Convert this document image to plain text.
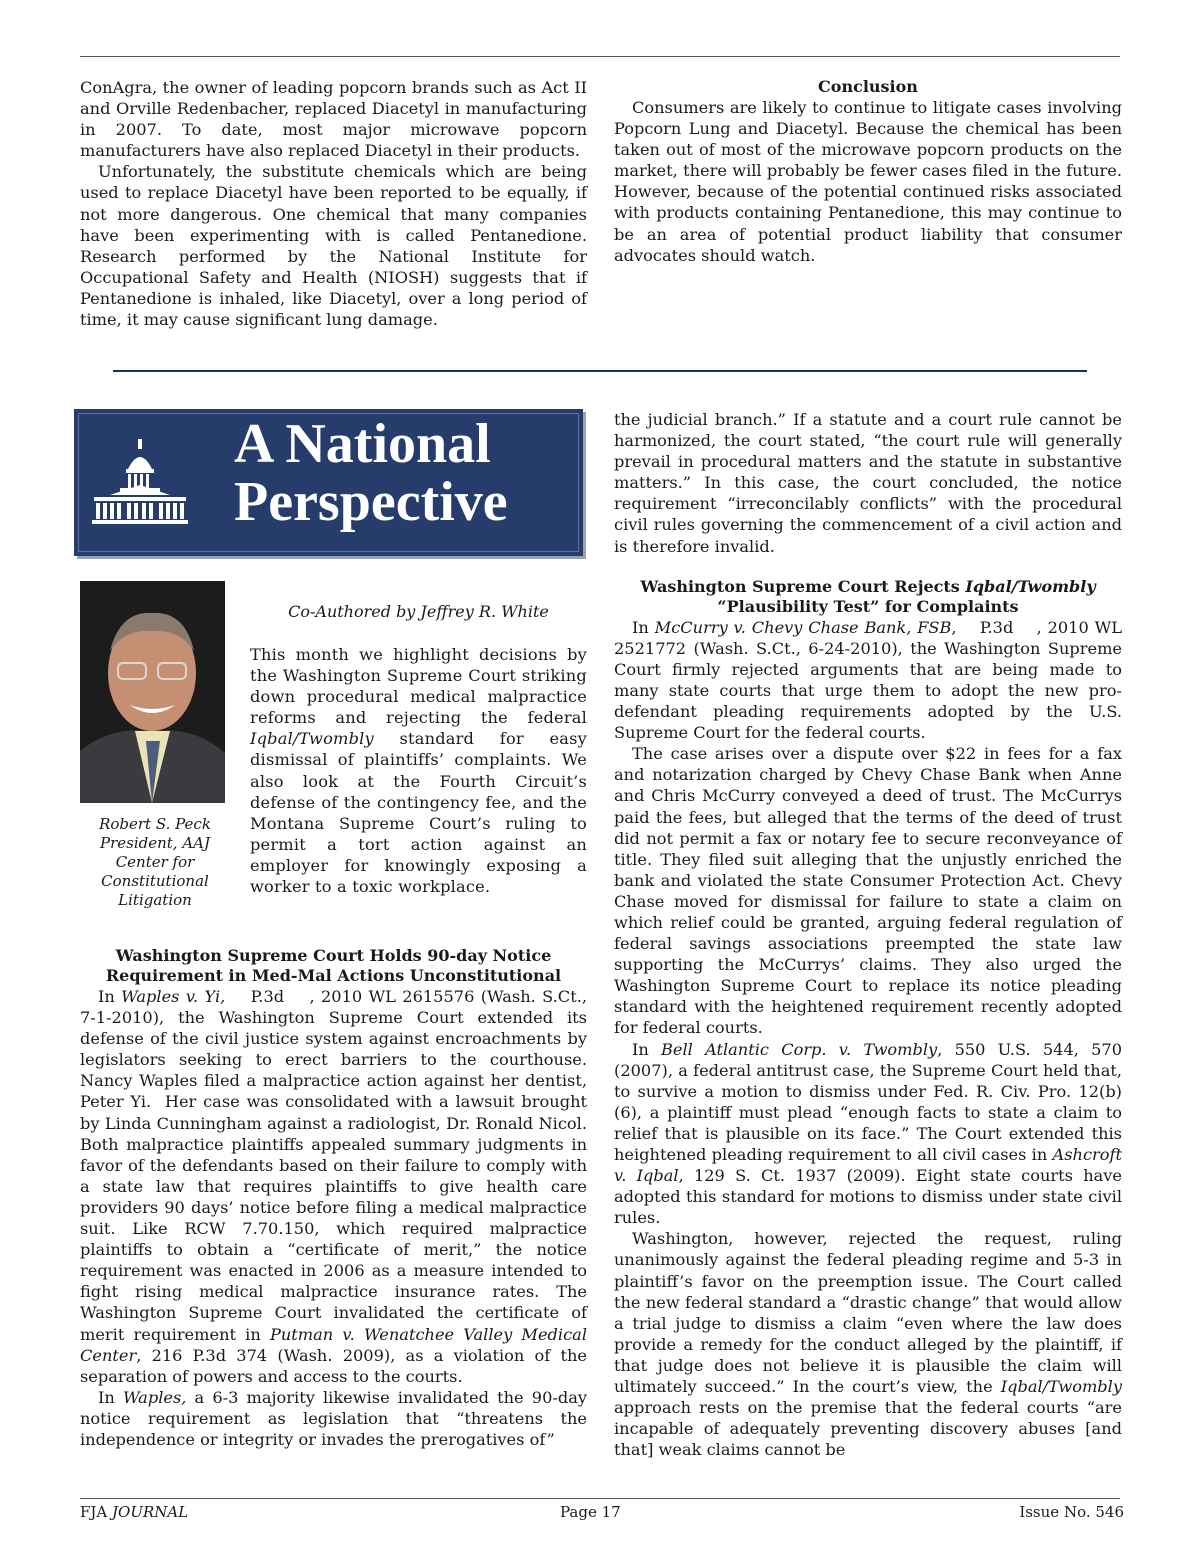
ConAgra, the owner of leading popcorn brands such as Act II and Orville Redenbacher, replaced Diacetyl in manufacturing in 2007. To date, most major microwave popcorn manufacturers have also replaced Diacetyl in their products.

Unfortunately, the substitute chemicals which are being used to replace Diacetyl have been reported to be equally, if not more dangerous. One chemical that many companies have been experimenting with is called Pentanedione. Research performed by the National Institute for Occupational Safety and Health (NIOSH) suggests that if Pentanedione is inhaled, like Diacetyl, over a long period of time, it may cause significant lung damage.

Conclusion

Consumers are likely to continue to litigate cases involving Popcorn Lung and Diacetyl. Because the chemical has been taken out of most of the microwave popcorn products on the market, there will probably be fewer cases filed in the future. However, because of the potential continued risks associated with products containing Pentanedione, this may continue to be an area of potential product liability that consumer advocates should watch.

A National
Perspective
Robert S. Peck
President, AAJ
Center for
Constitutional
Litigation
Co-Authored by Jeffrey R. White

This month we highlight decisions by the Washington Supreme Court striking down procedural medical malpractice reforms and rejecting the federal Iqbal/Twombly standard for easy dismissal of plaintiffs’ complaints. We also look at the Fourth Circuit’s defense of the contingency fee, and the Montana Supreme Court’s ruling to permit a tort action against an employer for knowingly exposing a worker to a toxic workplace.

Washington Supreme Court Holds 90-day Notice
Requirement in Med-Mal Actions Unconstitutional

In Waples v. Yi,    P.3d    , 2010 WL 2615576 (Wash. S.Ct., 7-1-2010), the Washington Supreme Court extended its defense of the civil justice system against encroachments by legislators seeking to erect barriers to the courthouse. Nancy Waples filed a malpractice action against her dentist, Peter Yi.  Her case was consolidated with a lawsuit brought by Linda Cunningham against a radiologist, Dr. Ronald Nicol.  Both malpractice plaintiffs appealed summary judgments in favor of the defendants based on their failure to comply with a state law that requires plaintiffs to give health care providers 90 days’ notice before filing a medical malpractice suit. Like RCW 7.70.150, which required malpractice plaintiffs to obtain a “certificate of merit,” the notice requirement was enacted in 2006 as a measure intended to fight rising medical malpractice insurance rates. The Washington Supreme Court invalidated the certificate of merit requirement in Putman v. Wenatchee Valley Medical Center, 216 P.3d 374 (Wash. 2009), as a violation of the separation of powers and access to the courts.

In Waples, a 6-3 majority likewise invalidated the 90-day notice requirement as legislation that “threatens the independence or integrity or invades the prerogatives of”

the judicial branch.” If a statute and a court rule cannot be harmonized, the court stated, “the court rule will generally prevail in procedural matters and the statute in substantive matters.” In this case, the court concluded, the notice requirement “irreconcilably conflicts” with the procedural civil rules governing the commencement of a civil action and is therefore invalid.

Washington Supreme Court Rejects Iqbal/Twombly
“Plausibility Test” for Complaints

In McCurry v. Chevy Chase Bank, FSB,    P.3d    , 2010 WL 2521772 (Wash. S.Ct., 6-24-2010), the Washington Supreme Court firmly rejected arguments that are being made to many state courts that urge them to adopt the new pro-defendant pleading requirements adopted by the U.S. Supreme Court for the federal courts.

The case arises over a dispute over $22 in fees for a fax and notarization charged by Chevy Chase Bank when Anne and Chris McCurry conveyed a deed of trust. The McCurrys paid the fees, but alleged that the terms of the deed of trust did not permit a fax or notary fee to secure reconveyance of title. They filed suit alleging that the unjustly enriched the bank and violated the state Consumer Protection Act. Chevy Chase moved for dismissal for failure to state a claim on which relief could be granted, arguing federal regulation of federal savings associations preempted the state law supporting the McCurrys’ claims. They also urged the Washington Supreme Court to replace its notice pleading standard with the heightened requirement recently adopted for federal courts.

In Bell Atlantic Corp. v. Twombly, 550 U.S. 544, 570 (2007), a federal antitrust case, the Supreme Court held that, to survive a motion to dismiss under Fed. R. Civ. Pro. 12(b)(6), a plaintiff must plead “enough facts to state a claim to relief that is plausible on its face.” The Court extended this heightened pleading requirement to all civil cases in Ashcroft v. Iqbal, 129 S. Ct. 1937 (2009). Eight state courts have adopted this standard for motions to dismiss under state civil rules.

Washington, however, rejected the request, ruling unanimously against the federal pleading regime and 5-3 in plaintiff’s favor on the preemption issue. The Court called the new federal standard a “drastic change” that would allow a trial judge to dismiss a claim “even where the law does provide a remedy for the conduct alleged by the plaintiff, if that judge does not believe it is plausible the claim will ultimately succeed.” In the court’s view, the Iqbal/Twombly approach rests on the premise that the federal courts “are incapable of adequately preventing discovery abuses [and that] weak claims cannot be

FJA JOURNAL	Page 17	Issue No. 546
